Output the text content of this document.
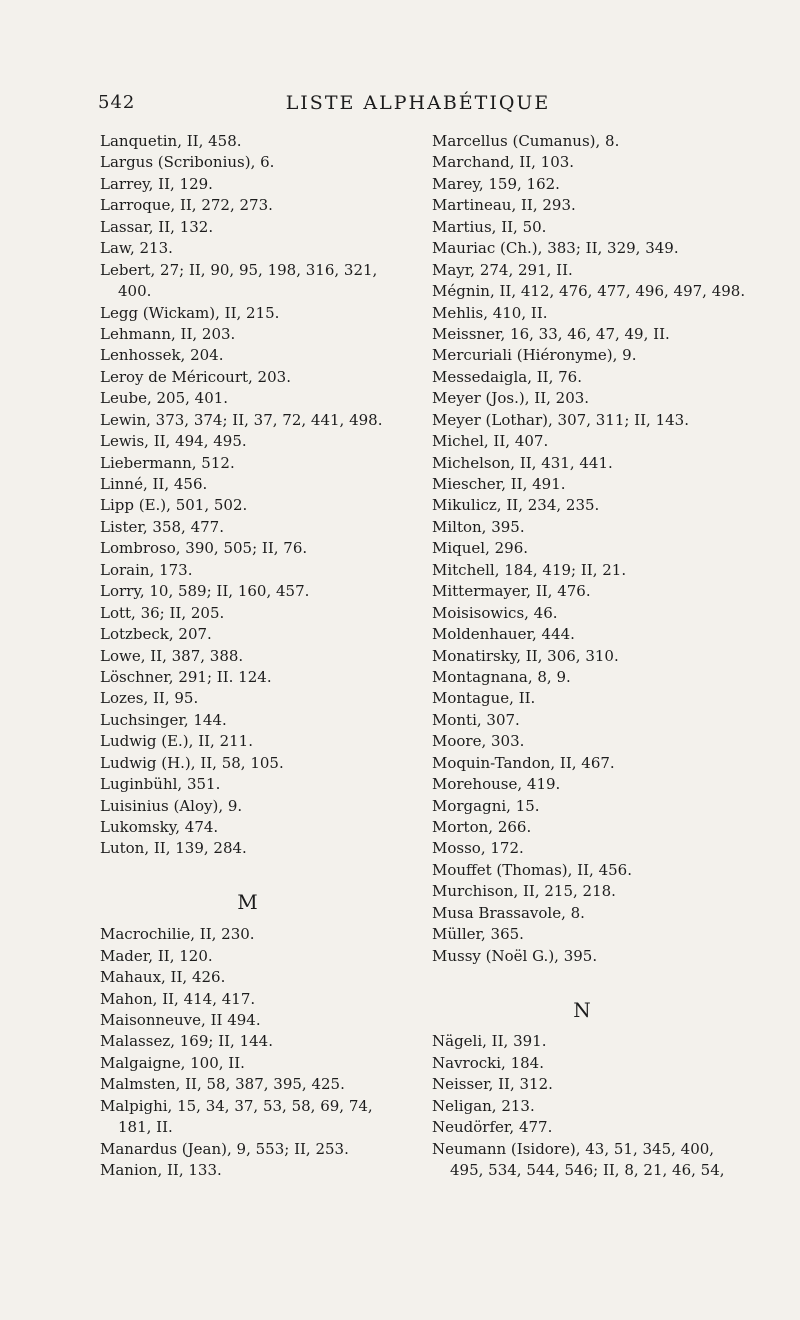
542	LISTE ALPHABÉTIQUE
Lanquetin, II, 458.
Largus (Scribonius), 6.
Larrey, II, 129.
Larroque, II, 272, 273.
Lassar, II, 132.
Law, 213.
Lebert, 27; II, 90, 95, 198, 316, 321,
400.
Legg (Wickam), II, 215.
Lehmann, II, 203.
Lenhossek, 204.
Leroy de Méricourt, 203.
Leube, 205, 401.
Lewin, 373, 374; II, 37, 72, 441, 498.
Lewis, II, 494, 495.
Liebermann, 512.
Linné, II, 456.
Lipp (E.), 501, 502.
Lister, 358, 477.
Lombroso, 390, 505; II, 76.
Lorain, 173.
Lorry, 10, 589; II, 160, 457.
Lott, 36; II, 205.
Lotzbeck, 207.
Lowe, II, 387, 388.
Löschner, 291; II. 124.
Lozes, II, 95.
Luchsinger, 144.
Ludwig (E.), II, 211.
Ludwig (H.), II, 58, 105.
Luginbühl, 351.
Luisinius (Aloy), 9.
Lukomsky, 474.
Luton, II, 139, 284.
M
Macrochilie, II, 230.
Mader, II, 120.
Mahaux, II, 426.
Mahon, II, 414, 417.
Maisonneuve, II 494.
Malassez, 169; II, 144.
Malgaigne, 100, II.
Malmsten, II, 58, 387, 395, 425.
Malpighi, 15, 34, 37, 53, 58, 69, 74,
181, II.
Manardus (Jean), 9, 553; II, 253.
Manion, II, 133.
Marcellus (Cumanus), 8.
Marchand, II, 103.
Marey, 159, 162.
Martineau, II, 293.
Martius, II, 50.
Mauriac (Ch.), 383; II, 329, 349.
Mayr, 274, 291, II.
Mégnin, II, 412, 476, 477, 496, 497, 498.
Mehlis, 410, II.
Meissner, 16, 33, 46, 47, 49, II.
Mercuriali (Hiéronyme), 9.
Messedaigla, II, 76.
Meyer (Jos.), II, 203.
Meyer (Lothar), 307, 311; II, 143.
Michel, II, 407.
Michelson, II, 431, 441.
Miescher, II, 491.
Mikulicz, II, 234, 235.
Milton, 395.
Miquel, 296.
Mitchell, 184, 419; II, 21.
Mittermayer, II, 476.
Moisisowics, 46.
Moldenhauer, 444.
Monatirsky, II, 306, 310.
Montagnana, 8, 9.
Montague, II.
Monti, 307.
Moore, 303.
Moquin-Tandon, II, 467.
Morehouse, 419.
Morgagni, 15.
Morton, 266.
Mosso, 172.
Mouffet (Thomas), II, 456.
Murchison, II, 215, 218.
Musa Brassavole, 8.
Müller, 365.
Mussy (Noël G.), 395.
N
Nägeli, II, 391.
Navrocki, 184.
Neisser, II, 312.
Neligan, 213.
Neudörfer, 477.
Neumann (Isidore), 43, 51, 345, 400,
495, 534, 544, 546; II, 8, 21, 46, 54,
